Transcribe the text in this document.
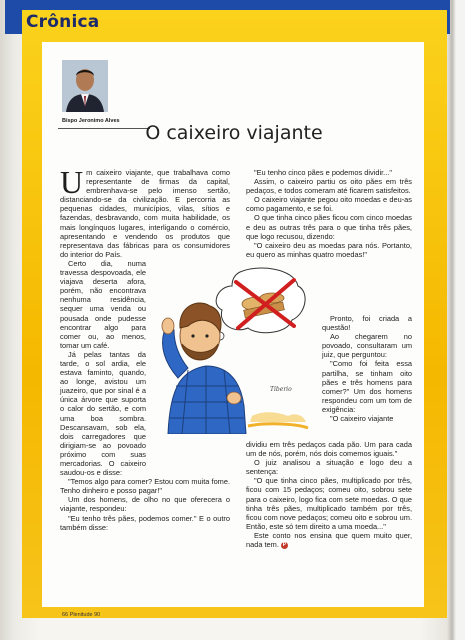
Crônica
Bispo Jeronimo Alves
O caixeiro viajante

Um caixeiro viajante, que trabalhava como representante de firmas da capital, embrenhava-se pelo imenso sertão, distanciando-se da civilização. E percorria as pequenas cidades, municípios, vilas, sítios e fazendas, desbravando, com muita habilidade, os mais longínquos lugares, interligando o comércio, apresentando e vendendo os produtos que representava das fábricas para os consumidores do interior do País.

Certo dia, numa travessa despovoada, ele viajava deserta afora, porém, não encontrava nenhuma residência, sequer uma venda ou pousada onde pudesse encontrar algo para comer ou, ao menos, tomar um café.

Já pelas tantas da tarde, o sol ardia, ele estava faminto, quando, ao longe, avistou um juazeiro, que por sinal é a única árvore que suporta o calor do sertão, e com uma boa sombra. Descansavam, sob ela, dois carregadores que dirigiam-se ao povoado próximo com suas mercadorias. O caixeiro saudou-os e disse:

"Temos algo para comer? Estou com muita fome. Tenho dinheiro e posso pagar!"

Um dos homens, de olho no que oferecera o viajante, respondeu:

"Eu tenho três pães, podemos comer." E o outro também disse:

"Eu tenho cinco pães e podemos dividir..."

Assim, o caixeiro partiu os oito pães em três pedaços, e todos comeram até ficarem satisfeitos.

O caixeiro viajante pegou oito moedas e deu-as como pagamento, e se foi.

O que tinha cinco pães ficou com cinco moedas e deu as outras três para o que tinha três pães, que logo recusou, dizendo:

"O caixeiro deu as moedas para nós. Portanto, eu quero as minhas quatro moedas!"

Pronto, foi criada a questão!

Ao chegarem no povoado, consultaram um juiz, que perguntou:

"Como foi feita essa partilha, se tinham oito pães e três homens para comer?" Um dos homens respondeu com um tom de exigência:

"O caixeiro viajante

dividiu em três pedaços cada pão. Um para cada um de nós, porém, nós dois comemos iguais."

O juiz analisou a situação e logo deu a sentença:

"O que tinha cinco pães, multiplicado por três, ficou com 15 pedaços; comeu oito, sobrou sete para o caixeiro, logo fica com sete moedas. O que tinha três pães, multiplicado também por três, ficou com nove pedaços; comeu oito e sobrou um. Então, este só tem direito a uma moeda..."

Este conto nos ensina que quem muito quer, nada tem. P

Tiberio
66 Plenitude 90
